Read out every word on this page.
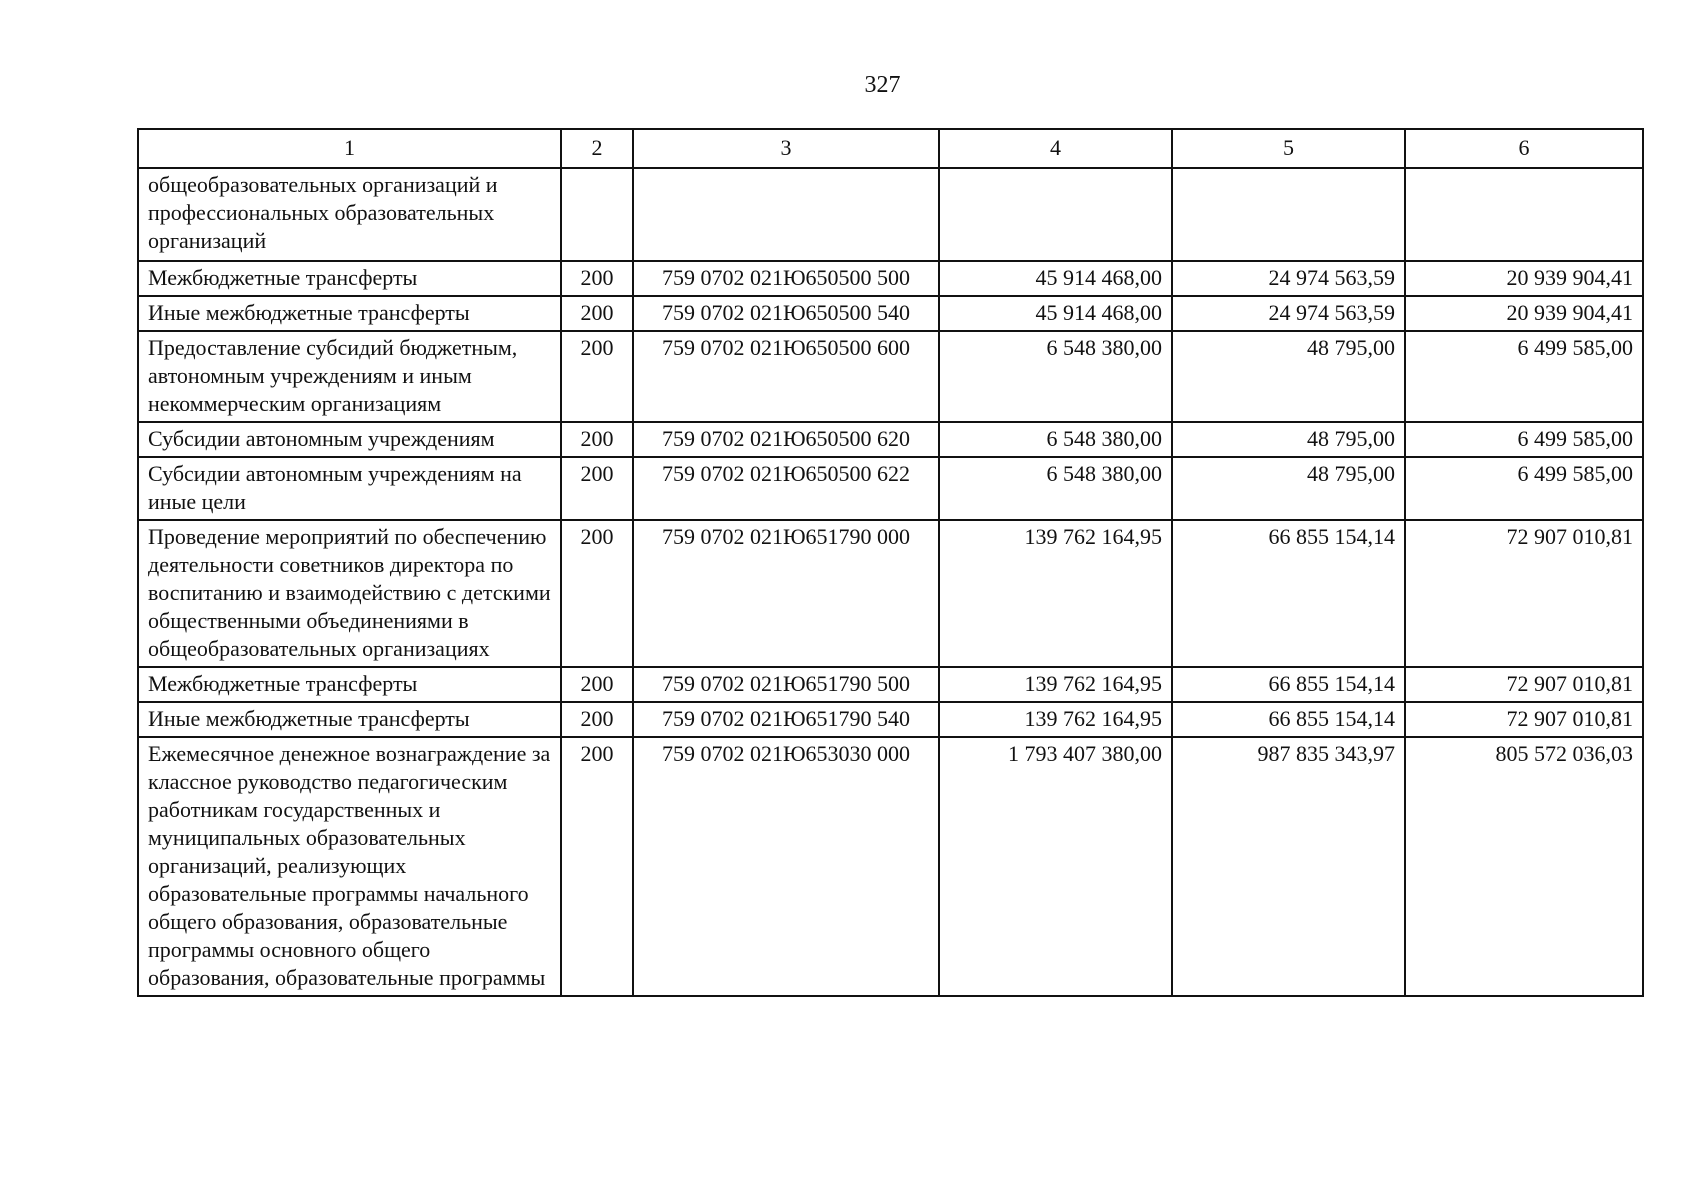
327
1	2	3	4	5	6
общеобразовательных организаций и профессиональных образовательных организаций					
Межбюджетные трансферты	200	759 0702 021Ю650500 500	45 914 468,00	24 974 563,59	20 939 904,41
Иные межбюджетные трансферты	200	759 0702 021Ю650500 540	45 914 468,00	24 974 563,59	20 939 904,41
Предоставление субсидий бюджетным, автономным учреждениям и иным некоммерческим организациям	200	759 0702 021Ю650500 600	6 548 380,00	48 795,00	6 499 585,00
Субсидии автономным учреждениям	200	759 0702 021Ю650500 620	6 548 380,00	48 795,00	6 499 585,00
Субсидии автономным учреждениям на иные цели	200	759 0702 021Ю650500 622	6 548 380,00	48 795,00	6 499 585,00
Проведение мероприятий по обеспечению деятельности советников директора по воспитанию и взаимодействию с детскими общественными объединениями в общеобразовательных организациях	200	759 0702 021Ю651790 000	139 762 164,95	66 855 154,14	72 907 010,81
Межбюджетные трансферты	200	759 0702 021Ю651790 500	139 762 164,95	66 855 154,14	72 907 010,81
Иные межбюджетные трансферты	200	759 0702 021Ю651790 540	139 762 164,95	66 855 154,14	72 907 010,81
Ежемесячное денежное вознаграждение за классное руководство педагогическим работникам государственных и муниципальных образовательных организаций, реализующих образовательные программы начального общего образования, образовательные программы основного общего образования, образовательные программы	200	759 0702 021Ю653030 000	1 793 407 380,00	987 835 343,97	805 572 036,03
